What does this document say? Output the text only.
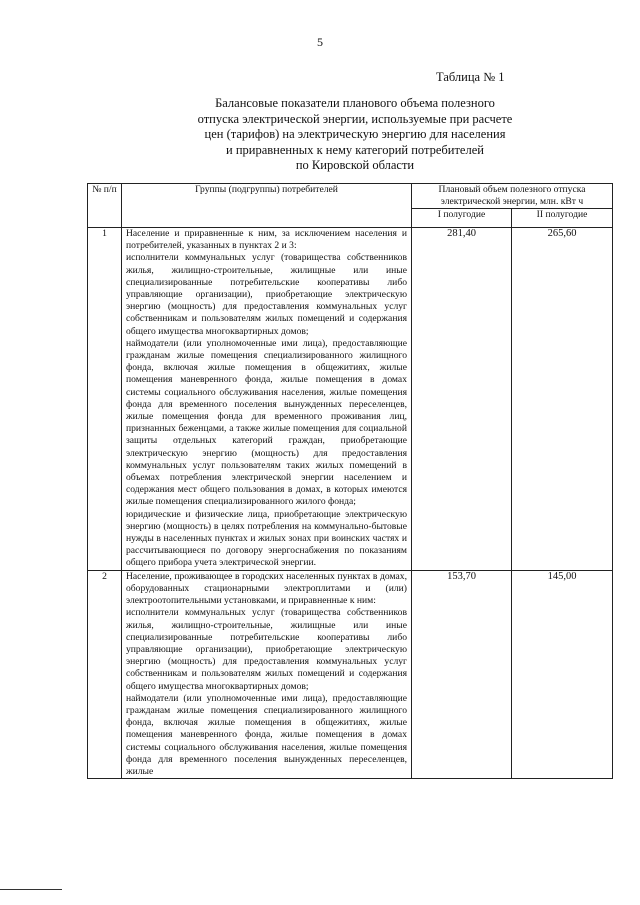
5
Таблица № 1
Балансовые показатели планового объема полезного
отпуска электрической энергии, используемые при расчете
цен (тарифов) на электрическую энергию для населения
и приравненных к нему категорий потребителей
по Кировской области
№ п/п	Группы (подгруппы) потребителей	Плановый объем полезного отпуска электрической энергии, млн. кВт ч	
		I полугодие	II полугодие
1	Население и приравненные к ним, за исключением населения и потребителей, указанных в пунктах 2 и 3:
исполнители коммунальных услуг (товарищества собственников жилья, жилищно-строительные, жилищные или иные специализированные потребительские кооперативы либо управляющие организации), приобретающие электрическую энергию (мощность) для предоставления коммунальных услуг собственникам и пользователям жилых помещений и содержания общего имущества многоквартирных домов;
наймодатели (или уполномоченные ими лица), предоставляющие гражданам жилые помещения специализированного жилищного фонда, включая жилые помещения в общежитиях, жилые помещения маневренного фонда, жилые помещения в домах системы социального обслуживания населения, жилые помещения фонда для временного поселения вынужденных переселенцев, жилые помещения фонда для временного проживания лиц, признанных беженцами, а также жилые помещения для социальной защиты отдельных категорий граждан, приобретающие электрическую энергию (мощность) для предоставления коммунальных услуг пользователям таких жилых помещений в объемах потребления электрической энергии населением и содержания мест общего пользования в домах, в которых имеются жилые помещения специализированного жилого фонда;
юридические и физические лица, приобретающие электрическую энергию (мощность) в целях потребления на коммунально-бытовые нужды в населенных пунктах и жилых зонах при воинских частях и рассчитывающиеся по договору энергоснабжения по показаниям общего прибора учета электрической энергии.	281,40	265,60
2	Население, проживающее в городских населенных пунктах в домах, оборудованных стационарными электроплитами и (или) электроотопительными установками, и приравненные к ним:
исполнители коммунальных услуг (товарищества собственников жилья, жилищно-строительные, жилищные или иные специализированные потребительские кооперативы либо управляющие организации), приобретающие электрическую энергию (мощность) для предоставления коммунальных услуг собственникам и пользователям жилых помещений и содержания общего имущества многоквартирных домов;
наймодатели (или уполномоченные ими лица), предоставляющие гражданам жилые помещения специализированного жилищного фонда, включая жилые помещения в общежитиях, жилые помещения маневренного фонда, жилые помещения в домах системы социального обслуживания населения, жилые помещения фонда для временного поселения вынужденных переселенцев, жилые	153,70	145,00
